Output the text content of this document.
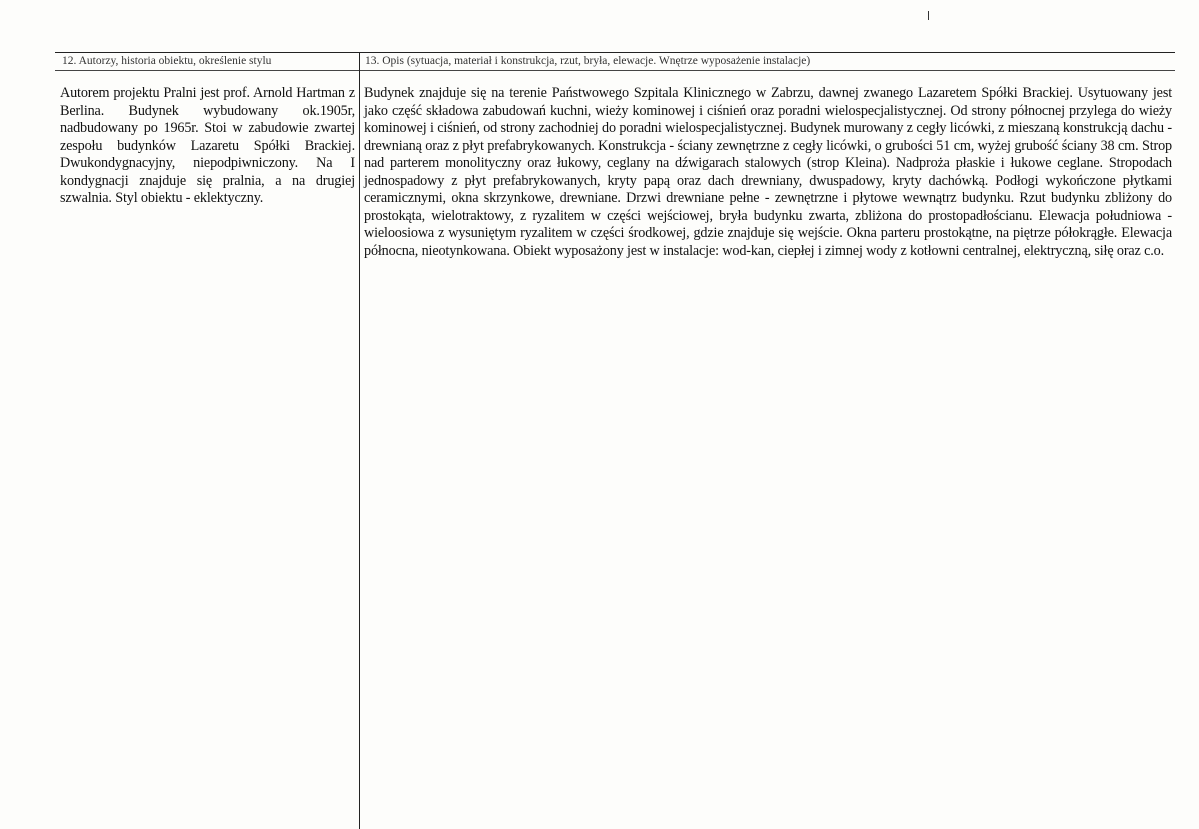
12. Autorzy, historia obiektu, określenie stylu	13. Opis (sytuacja, materiał i konstrukcja, rzut, bryła, elewacje. Wnętrze wyposażenie instalacje)
Autorem projektu Pralni jest prof. Arnold Hartman z Berlina. Budynek wybudowany ok.1905r, nadbudowany po 1965r. Stoi w zabudowie zwartej zespołu budynków Lazaretu Spółki Brackiej. Dwukondygnacyjny, niepodpiwniczony. Na I kondygnacji znajduje się pralnia, a na drugiej szwalnia. Styl obiektu - eklektyczny.
Budynek znajduje się na terenie Państwowego Szpitala Klinicznego w Zabrzu, dawnej zwanego Lazaretem Spółki Brackiej. Usytuowany jest jako część składowa zabudowań kuchni, wieży kominowej i ciśnień oraz poradni wielospecjalistycznej. Od strony północnej przylega do wieży kominowej i ciśnień, od strony zachodniej do poradni wielospecjalistycznej. Budynek murowany z cegły licówki, z mieszaną konstrukcją dachu - drewnianą oraz z płyt prefabrykowanych. Konstrukcja - ściany zewnętrzne z cegły licówki, o grubości 51 cm, wyżej grubość ściany 38 cm. Strop nad parterem monolityczny oraz łukowy, ceglany na dźwigarach stalowych (strop Kleina). Nadproża płaskie i łukowe ceglane. Stropodach jednospadowy z płyt prefabrykowanych, kryty papą oraz dach drewniany, dwuspadowy, kryty dachówką. Podłogi wykończone płytkami ceramicznymi, okna skrzynkowe, drewniane. Drzwi drewniane pełne - zewnętrzne i płytowe wewnątrz budynku. Rzut budynku zbliżony do prostokąta, wielotraktowy, z ryzalitem w części wejściowej, bryła budynku zwarta, zbliżona do prostopadłościanu. Elewacja południowa - wieloosiowa z wysuniętym ryzalitem w części środkowej, gdzie znajduje się wejście. Okna parteru prostokątne, na piętrze półokrągłe. Elewacja północna, nieotynkowana. Obiekt wyposażony jest w instalacje: wod-kan, ciepłej i zimnej wody z kotłowni centralnej, elektryczną, siłę oraz c.o.
